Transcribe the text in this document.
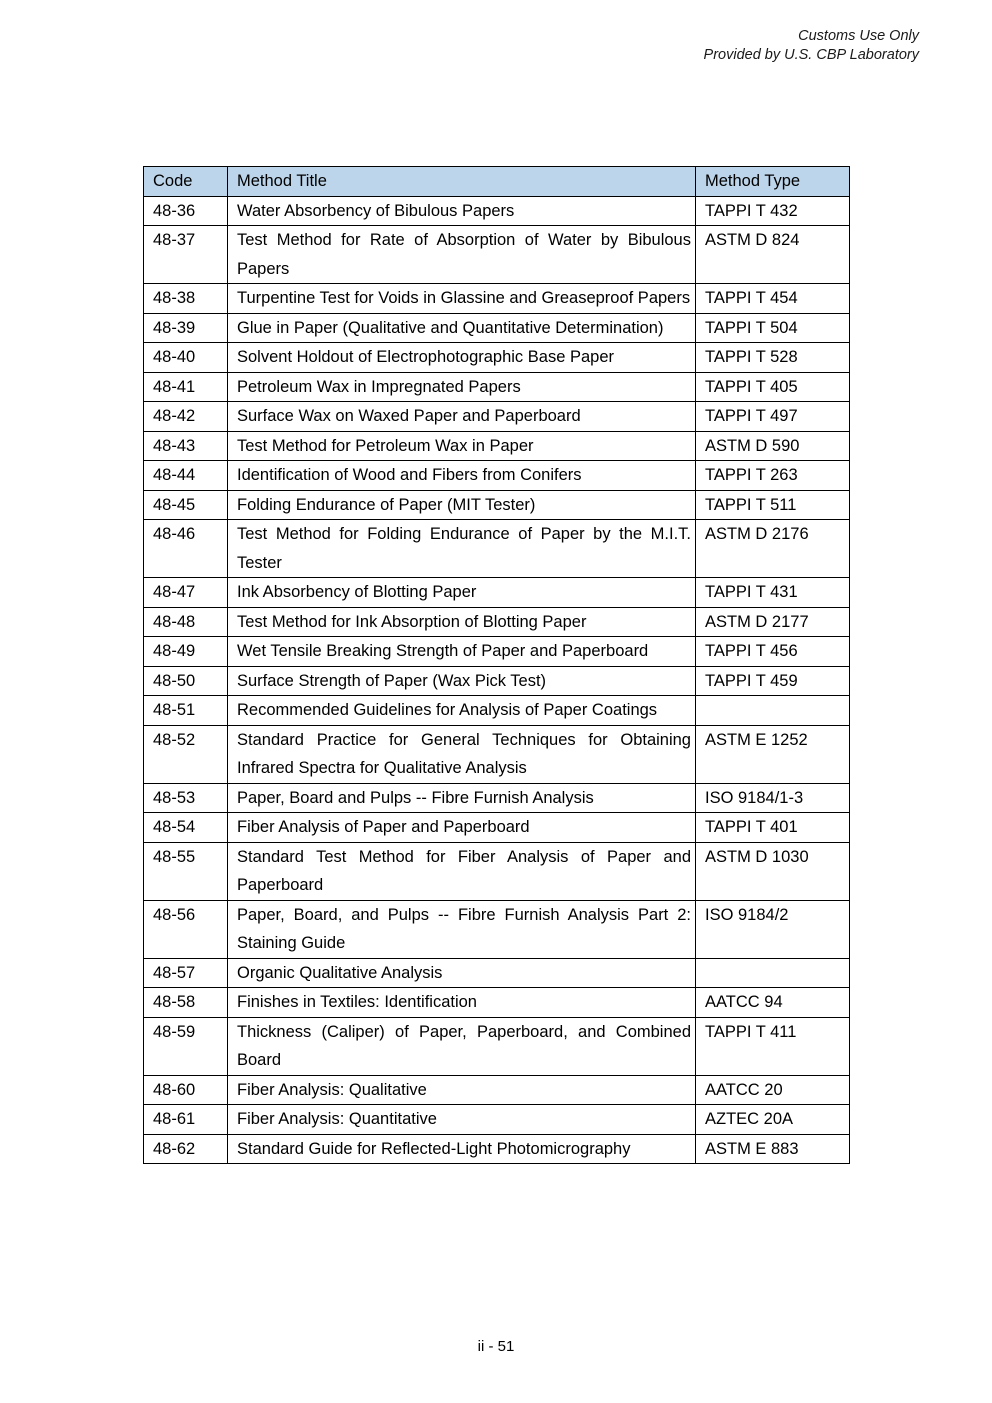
Customs Use Only
Provided by U.S. CBP Laboratory
Code	Method Title	Method Type
48-36	Water Absorbency of Bibulous Papers	TAPPI T 432
48-37	Test Method for Rate of Absorption of Water by Bibulous Papers	ASTM D 824
48-38	Turpentine Test for Voids in Glassine and Greaseproof Papers	TAPPI T 454
48-39	Glue in Paper (Qualitative and Quantitative Determination)	TAPPI T 504
48-40	Solvent Holdout of Electrophotographic Base Paper	TAPPI T 528
48-41	Petroleum Wax in Impregnated Papers	TAPPI T 405
48-42	Surface Wax on Waxed Paper and Paperboard	TAPPI T 497
48-43	Test Method for Petroleum Wax in Paper	ASTM D 590
48-44	Identification of Wood and Fibers from Conifers	TAPPI T 263
48-45	Folding Endurance of Paper (MIT Tester)	TAPPI T 511
48-46	Test Method for Folding Endurance of Paper by the M.I.T. Tester	ASTM D 2176
48-47	Ink Absorbency of Blotting Paper	TAPPI T 431
48-48	Test Method for Ink Absorption of Blotting Paper	ASTM D 2177
48-49	Wet Tensile Breaking Strength of Paper and Paperboard	TAPPI T 456
48-50	Surface Strength of Paper (Wax Pick Test)	TAPPI T 459
48-51	Recommended Guidelines for Analysis of Paper Coatings	
48-52	Standard Practice for General Techniques for Obtaining Infrared Spectra for Qualitative Analysis	ASTM E 1252
48-53	Paper, Board and Pulps -- Fibre Furnish Analysis	ISO 9184/1-3
48-54	Fiber Analysis of Paper and Paperboard	TAPPI T 401
48-55	Standard Test Method for Fiber Analysis of Paper and Paperboard	ASTM D 1030
48-56	Paper, Board, and Pulps -- Fibre Furnish Analysis Part 2: Staining Guide	ISO 9184/2
48-57	Organic Qualitative Analysis	
48-58	Finishes in Textiles: Identification	AATCC 94
48-59	Thickness (Caliper) of Paper, Paperboard, and Combined Board	TAPPI T 411
48-60	Fiber Analysis: Qualitative	AATCC 20
48-61	Fiber Analysis: Quantitative	AZTEC 20A
48-62	Standard Guide for Reflected-Light Photomicrography	ASTM E 883
ii - 51
